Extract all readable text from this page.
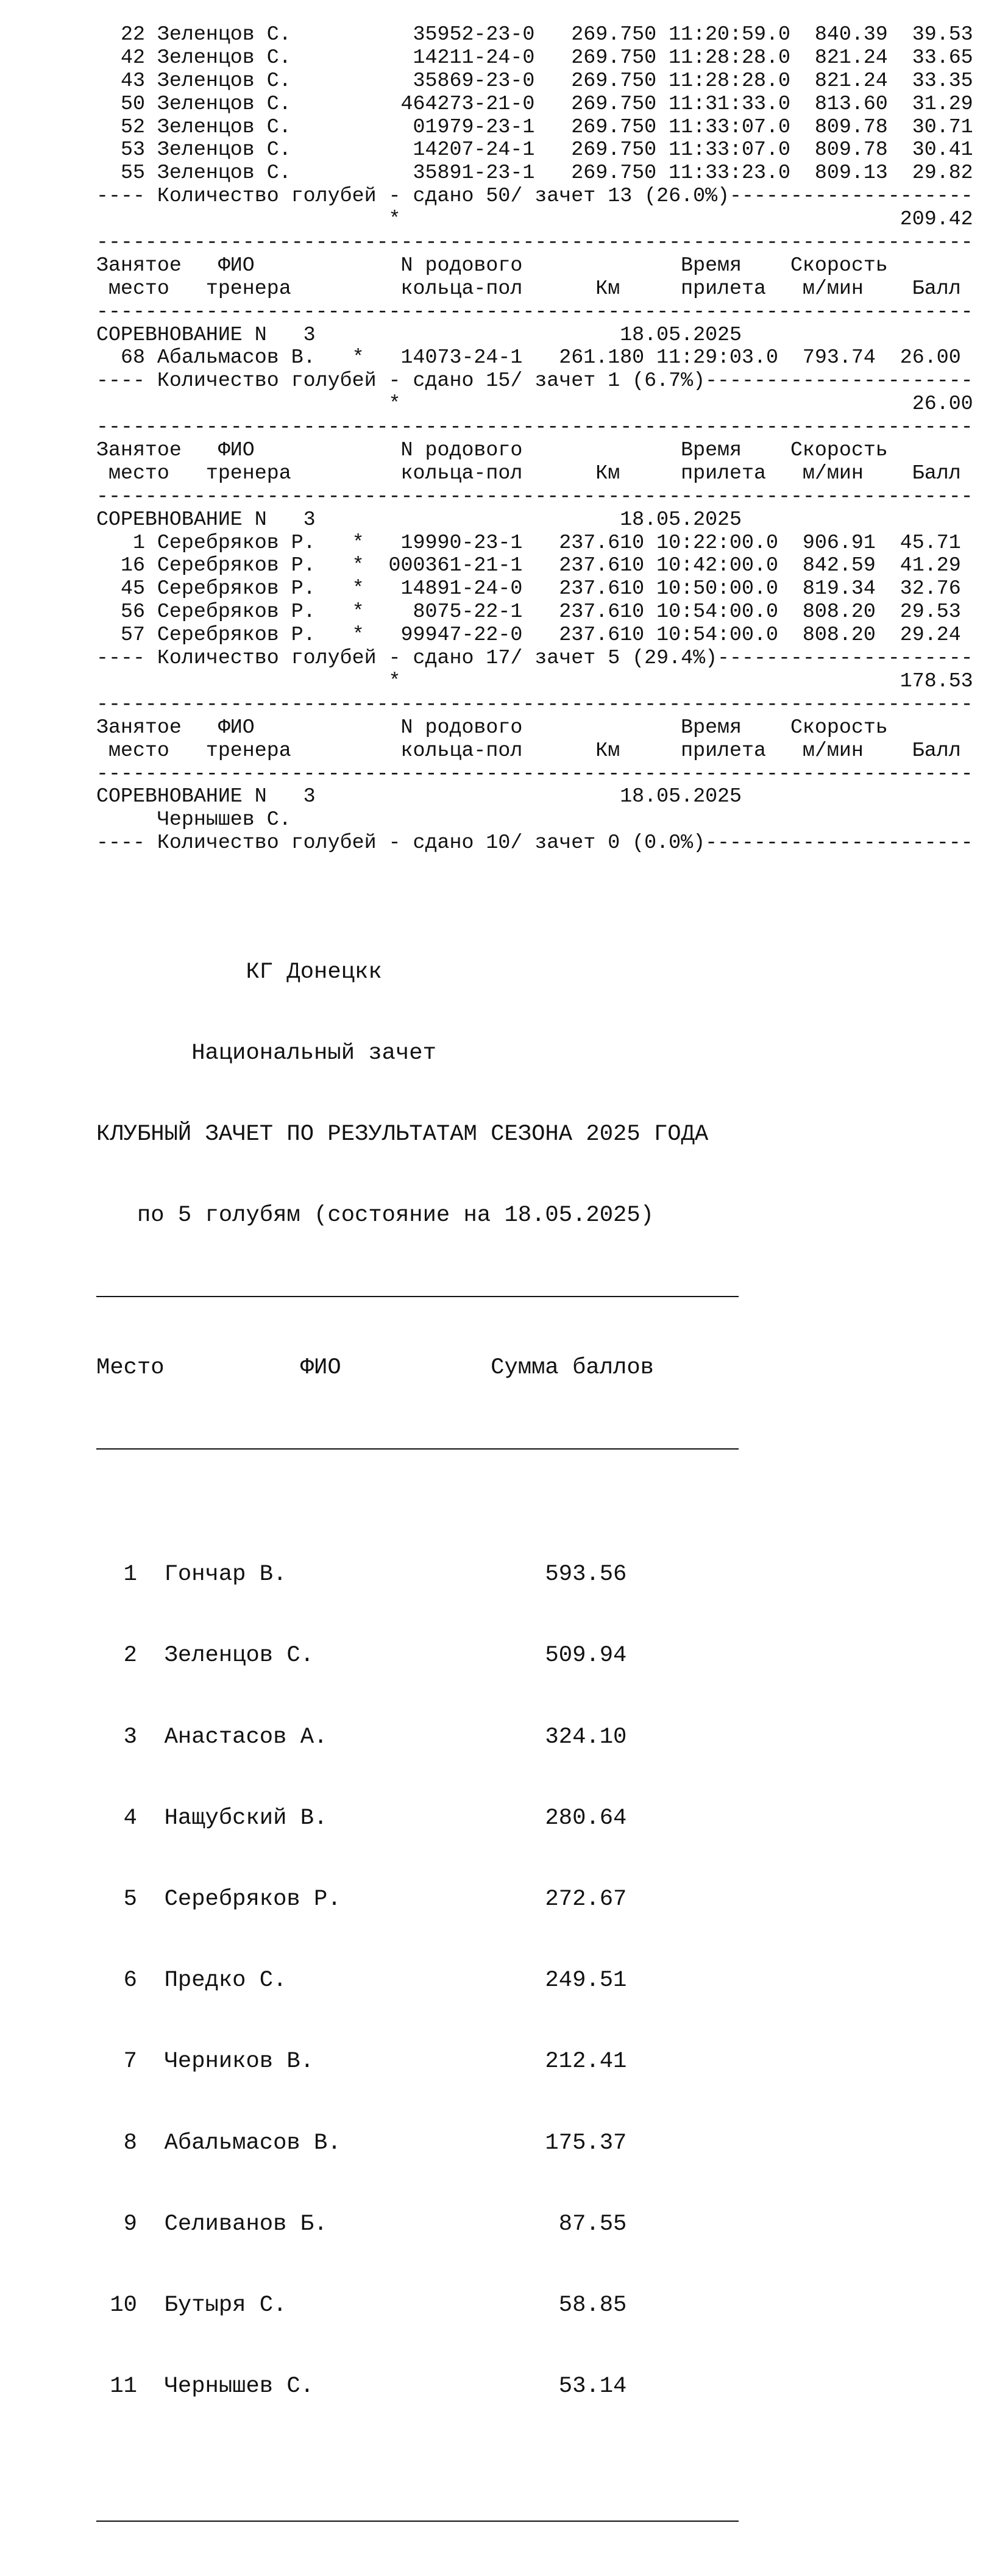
22 Зеленцов С.          35952-23-0   269.750 11:20:59.0  840.39  39.53
42 Зеленцов С.          14211-24-0   269.750 11:28:28.0  821.24  33.65
43 Зеленцов С.          35869-23-0   269.750 11:28:28.0  821.24  33.35
50 Зеленцов С.         464273-21-0   269.750 11:31:33.0  813.60  31.29
52 Зеленцов С.          01979-23-1   269.750 11:33:07.0  809.78  30.71
53 Зеленцов С.          14207-24-1   269.750 11:33:07.0  809.78  30.41
55 Зеленцов С.          35891-23-1   269.750 11:33:23.0  809.13  29.82
---- Количество голубей - сдано 50/ зачет 13 (26.0%)--------------------
*                                         209.42
------------------------------------------------------------------------
Занятое   ФИО            N родового             Время    Скорость
место   тренера         кольца-пол      Км     прилета   м/мин    Балл
------------------------------------------------------------------------
СОРЕВНОВАНИЕ N   3                         18.05.2025
68 Абальмасов В.   *   14073-24-1   261.180 11:29:03.0  793.74  26.00
---- Количество голубей - сдано 15/ зачет 1 (6.7%)----------------------
*                                          26.00
------------------------------------------------------------------------
Занятое   ФИО            N родового             Время    Скорость
место   тренера         кольца-пол      Км     прилета   м/мин    Балл
------------------------------------------------------------------------
СОРЕВНОВАНИЕ N   3                         18.05.2025
1 Серебряков Р.   *   19990-23-1   237.610 10:22:00.0  906.91  45.71
16 Серебряков Р.   *  000361-21-1   237.610 10:42:00.0  842.59  41.29
45 Серебряков Р.   *   14891-24-0   237.610 10:50:00.0  819.34  32.76
56 Серебряков Р.   *    8075-22-1   237.610 10:54:00.0  808.20  29.53
57 Серебряков Р.   *   99947-22-0   237.610 10:54:00.0  808.20  29.24
---- Количество голубей - сдано 17/ зачет 5 (29.4%)---------------------
*                                         178.53
------------------------------------------------------------------------
Занятое   ФИО            N родового             Время    Скорость
место   тренера         кольца-пол      Км     прилета   м/мин    Балл
------------------------------------------------------------------------
СОРЕВНОВАНИЕ N   3                         18.05.2025
Чернышев С.
---- Количество голубей - сдано 10/ зачет 0 (0.0%)----------------------

КГ Донецкк

Национальный зачет

КЛУБНЫЙ ЗАЧЕТ ПО РЕЗУЛЬТАТАМ СЕЗОНА 2025 ГОДА

по 5 голубям (состояние на 18.05.2025)

Место          ФИО           Сумма баллов

1  Гончар В.                   593.56

2  Зеленцов С.                 509.94

3  Анастасов А.                324.10

4  Нащубский В.                280.64

5  Серебряков Р.               272.67

6  Предко С.                   249.51

7  Черников В.                 212.41

8  Абальмасов В.               175.37

9  Селиванов Б.                 87.55

10  Бутыря С.                    58.85

11  Чернышев С.                  53.14
